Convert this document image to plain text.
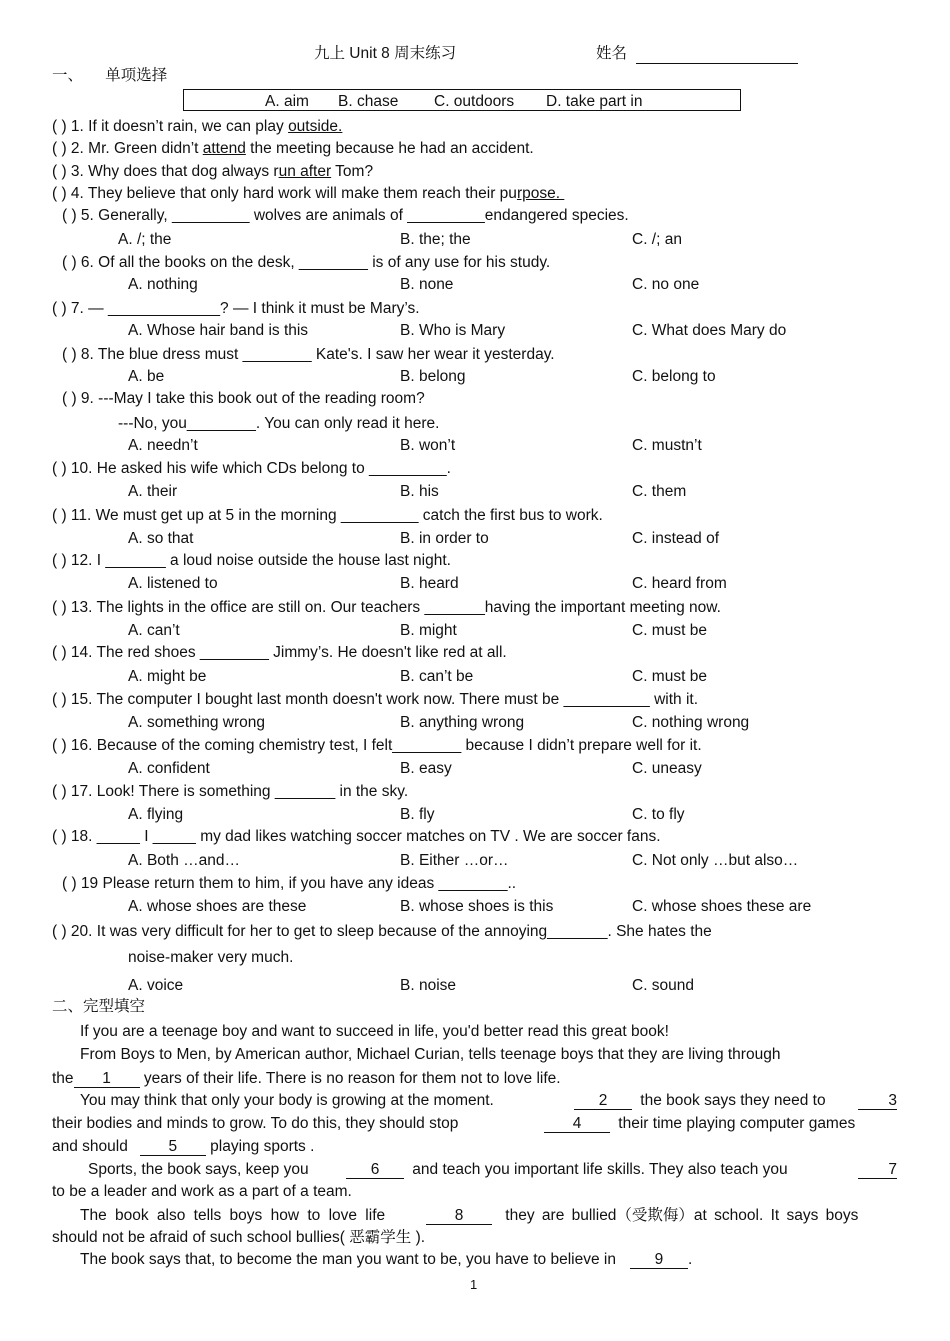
九上 Unit 8 周末练习	姓名
一、 单项选择
A. aim B. chase C. outdoors D. take part in
( ) 1. If it doesn’t rain, we can play outside.
( ) 2. Mr. Green didn’t attend the meeting because he had an accident.
( ) 3. Why does that dog always run after Tom?
( ) 4. They believe that only hard work will make them reach their purpose.
( ) 5. Generally, _________ wolves are animals of _________endangered species.
A. /; the	B. the; the	C. /; an
( ) 6. Of all the books on the desk, ________ is of any use for his study.
A. nothing	B. none	C. no one
( ) 7. — _____________? — I think it must be Mary’s.
A. Whose hair band is this	B. Who is Mary	C. What does Mary do
( ) 8. The blue dress must ________ Kate's. I saw her wear it yesterday.
A. be	B. belong	C. belong to
( ) 9. ---May I take this book out of the reading room?
---No, you________. You can only read it here.
A. needn’t	B. won’t	C. mustn’t
( ) 10. He asked his wife which CDs belong to _________.
A. their	B. his	C. them
( ) 11. We must get up at 5 in the morning _________ catch the first bus to work.
A. so that	B. in order to	C. instead of
( ) 12. I _______ a loud noise outside the house last night.
A. listened to	B. heard	C. heard from
( ) 13. The lights in the office are still on. Our teachers _______having the important meeting now.
A. can’t	B. might	C. must be
( ) 14. The red shoes ________ Jimmy’s. He doesn't like red at all.
A. might be	B. can’t be	C. must be
( ) 15. The computer I bought last month doesn't work now. There must be __________ with it.
A. something wrong	B. anything wrong	C. nothing wrong
( ) 16. Because of the coming chemistry test, I felt________ because I didn’t prepare well for it.
A. confident	B. easy	C. uneasy
( ) 17. Look! There is something _______ in the sky.
A. flying	B. fly	C. to fly
( ) 18. _____ I _____ my dad likes watching soccer matches on TV . We are soccer fans.
A. Both …and…	B. Either …or…	C. Not only …but also…
( ) 19 Please return them to him, if you have any ideas ________..
A. whose shoes are these	B. whose shoes is this	C. whose shoes these are
( ) 20. It was very difficult for her to get to sleep because of the annoying_______. She hates the
noise-maker very much.
A. voice	B. noise	C. sound
二、完型填空
If you are a teenage boy and want to succeed in life, you'd better read this great book!
From Boys to Men, by American author, Michael Curian, tells teenage boys that they are living through
the 1 years of their life. There is no reason for them not to love life.
You may think that only your body is growing at the moment.	2	the book says they need to	3
their bodies and minds to grow. To do this, they should stop	4	their time playing computer games
and should	5 playing sports .
Sports, the book says, keep you	6	and teach you important life skills. They also teach you	7
to be a leader and work as a part of a team.
The book also tells boys how to love life	8	they are bullied（受欺侮）at school. It says boys
should not be afraid of such school bullies( 恶霸学生 ).
The book says that, to become the man you want to be, you have to believe in 9 .
1
